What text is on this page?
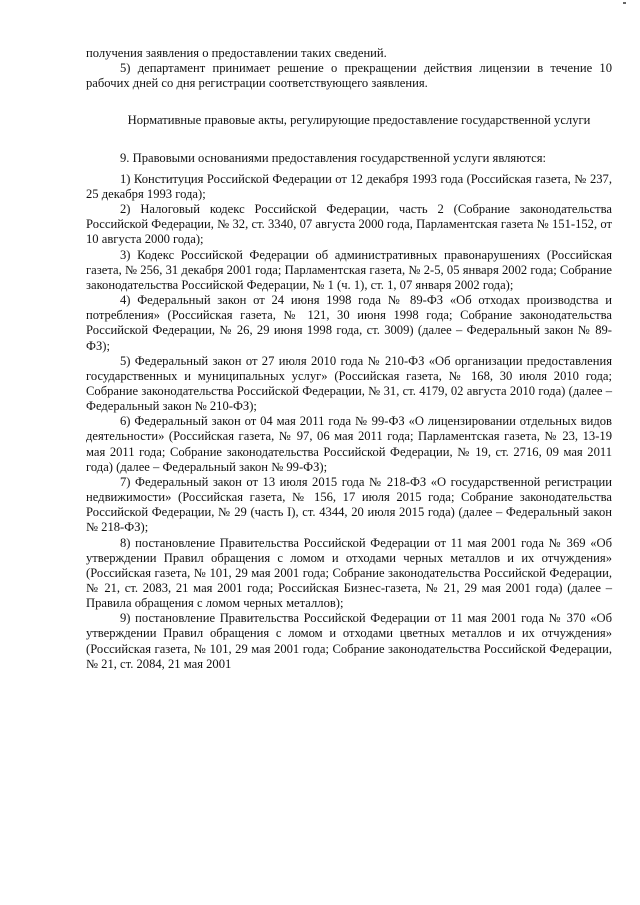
получения заявления о предоставлении таких сведений.

5) департамент принимает решение о прекращении действия лицензии в течение 10 рабочих дней со дня регистрации соответствующего заявления.

Нормативные правовые акты, регулирующие предоставление государственной услуги

9. Правовыми основаниями предоставления государственной услуги являются:

1) Конституция Российской Федерации от 12 декабря 1993 года (Российская газета, № 237, 25 декабря 1993 года);

2) Налоговый кодекс Российской Федерации, часть 2 (Собрание законодательства Российской Федерации, № 32, ст. 3340, 07 августа 2000 года, Парламентская газета № 151-152, от 10 августа 2000 года);

3) Кодекс Российской Федерации об административных правонарушениях (Российская газета, № 256, 31 декабря 2001 года; Парламентская газета, № 2-5, 05 января 2002 года; Собрание законодательства Российской Федерации, № 1 (ч. 1), ст. 1, 07 января 2002 года);

4) Федеральный закон от 24 июня 1998 года № 89-ФЗ «Об отходах производства и потребления» (Российская газета, № 121, 30 июня 1998 года; Собрание законодательства Российской Федерации, № 26, 29 июня 1998 года, ст. 3009) (далее – Федеральный закон № 89-ФЗ);

5) Федеральный закон от 27 июля 2010 года № 210-ФЗ «Об организации предоставления государственных и муниципальных услуг» (Российская газета, № 168, 30 июля 2010 года; Собрание законодательства Российской Федерации, № 31, ст. 4179, 02 августа 2010 года) (далее – Федеральный закон № 210-ФЗ);

6) Федеральный закон от 04 мая 2011 года № 99-ФЗ «О лицензировании отдельных видов деятельности» (Российская газета, № 97, 06 мая 2011 года; Парламентская газета, № 23, 13-19 мая 2011 года; Собрание законодательства Российской Федерации, № 19, ст. 2716, 09 мая 2011 года) (далее – Федеральный закон № 99-ФЗ);

7) Федеральный закон от 13 июля 2015 года № 218-ФЗ «О государственной регистрации недвижимости» (Российская газета, № 156, 17 июля 2015 года; Собрание законодательства Российской Федерации, № 29 (часть I), ст. 4344, 20 июля 2015 года) (далее – Федеральный закон № 218-ФЗ);

8) постановление Правительства Российской Федерации от 11 мая 2001 года № 369 «Об утверждении Правил обращения с ломом и отходами черных металлов и их отчуждения» (Российская газета, № 101, 29 мая 2001 года; Собрание законодательства Российской Федерации, № 21, ст. 2083, 21 мая 2001 года; Российская Бизнес-газета, № 21, 29 мая 2001 года) (далее – Правила обращения с ломом черных металлов);

9) постановление Правительства Российской Федерации от 11 мая 2001 года № 370 «Об утверждении Правил обращения с ломом и отходами цветных металлов и их отчуждения» (Российская газета, № 101, 29 мая 2001 года; Собрание законодательства Российской Федерации, № 21, ст. 2084, 21 мая 2001
